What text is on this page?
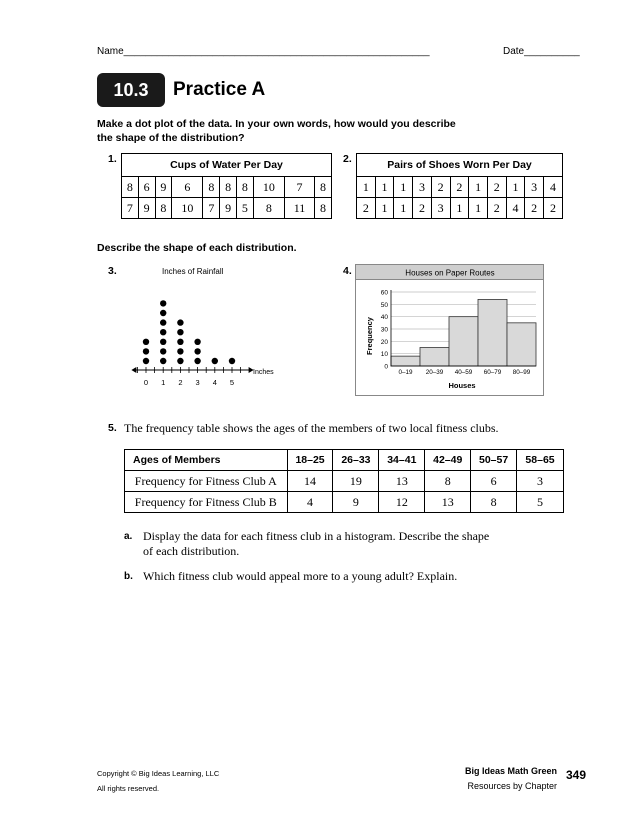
Name_______________________________________________________	Date__________
10.3	Practice A
Make a dot plot of the data. In your own words, how would you describe
the shape of the distribution?
1.	Cups of Water Per Day									
8	6	9	6	8	8	8	10	7	8
7	9	8	10	7	9	5	8	11	8
2.	Pairs of Shoes Worn Per Day										
1	1	1	3	2	2	1	2	1	3	4
2	1	1	2	3	1	1	2	4	2	2
Describe the shape of each distribution.
3.	Inches of Rainfall
0 1 2 3 4 5
Inches
4.	Houses on Paper Routes
0
10
20
30
40
50
60
0–19 20–39 40–59 60–79 80–99
Frequency
Houses
5. The frequency table shows the ages of the members of two local fitness clubs.
Ages of Members	18–25	26–33	34–41	42–49	50–57	58–65
Frequency for Fitness Club A	14	19	13	8	6	3
Frequency for Fitness Club B	4	9	12	13	8	5
a. Display the data for each fitness club in a histogram. Describe the shape
of each distribution.
b. Which fitness club would appeal more to a young adult? Explain.
Copyright © Big Ideas Learning, LLC
All rights reserved.
Big Ideas Math Green
Resources by Chapter
349
